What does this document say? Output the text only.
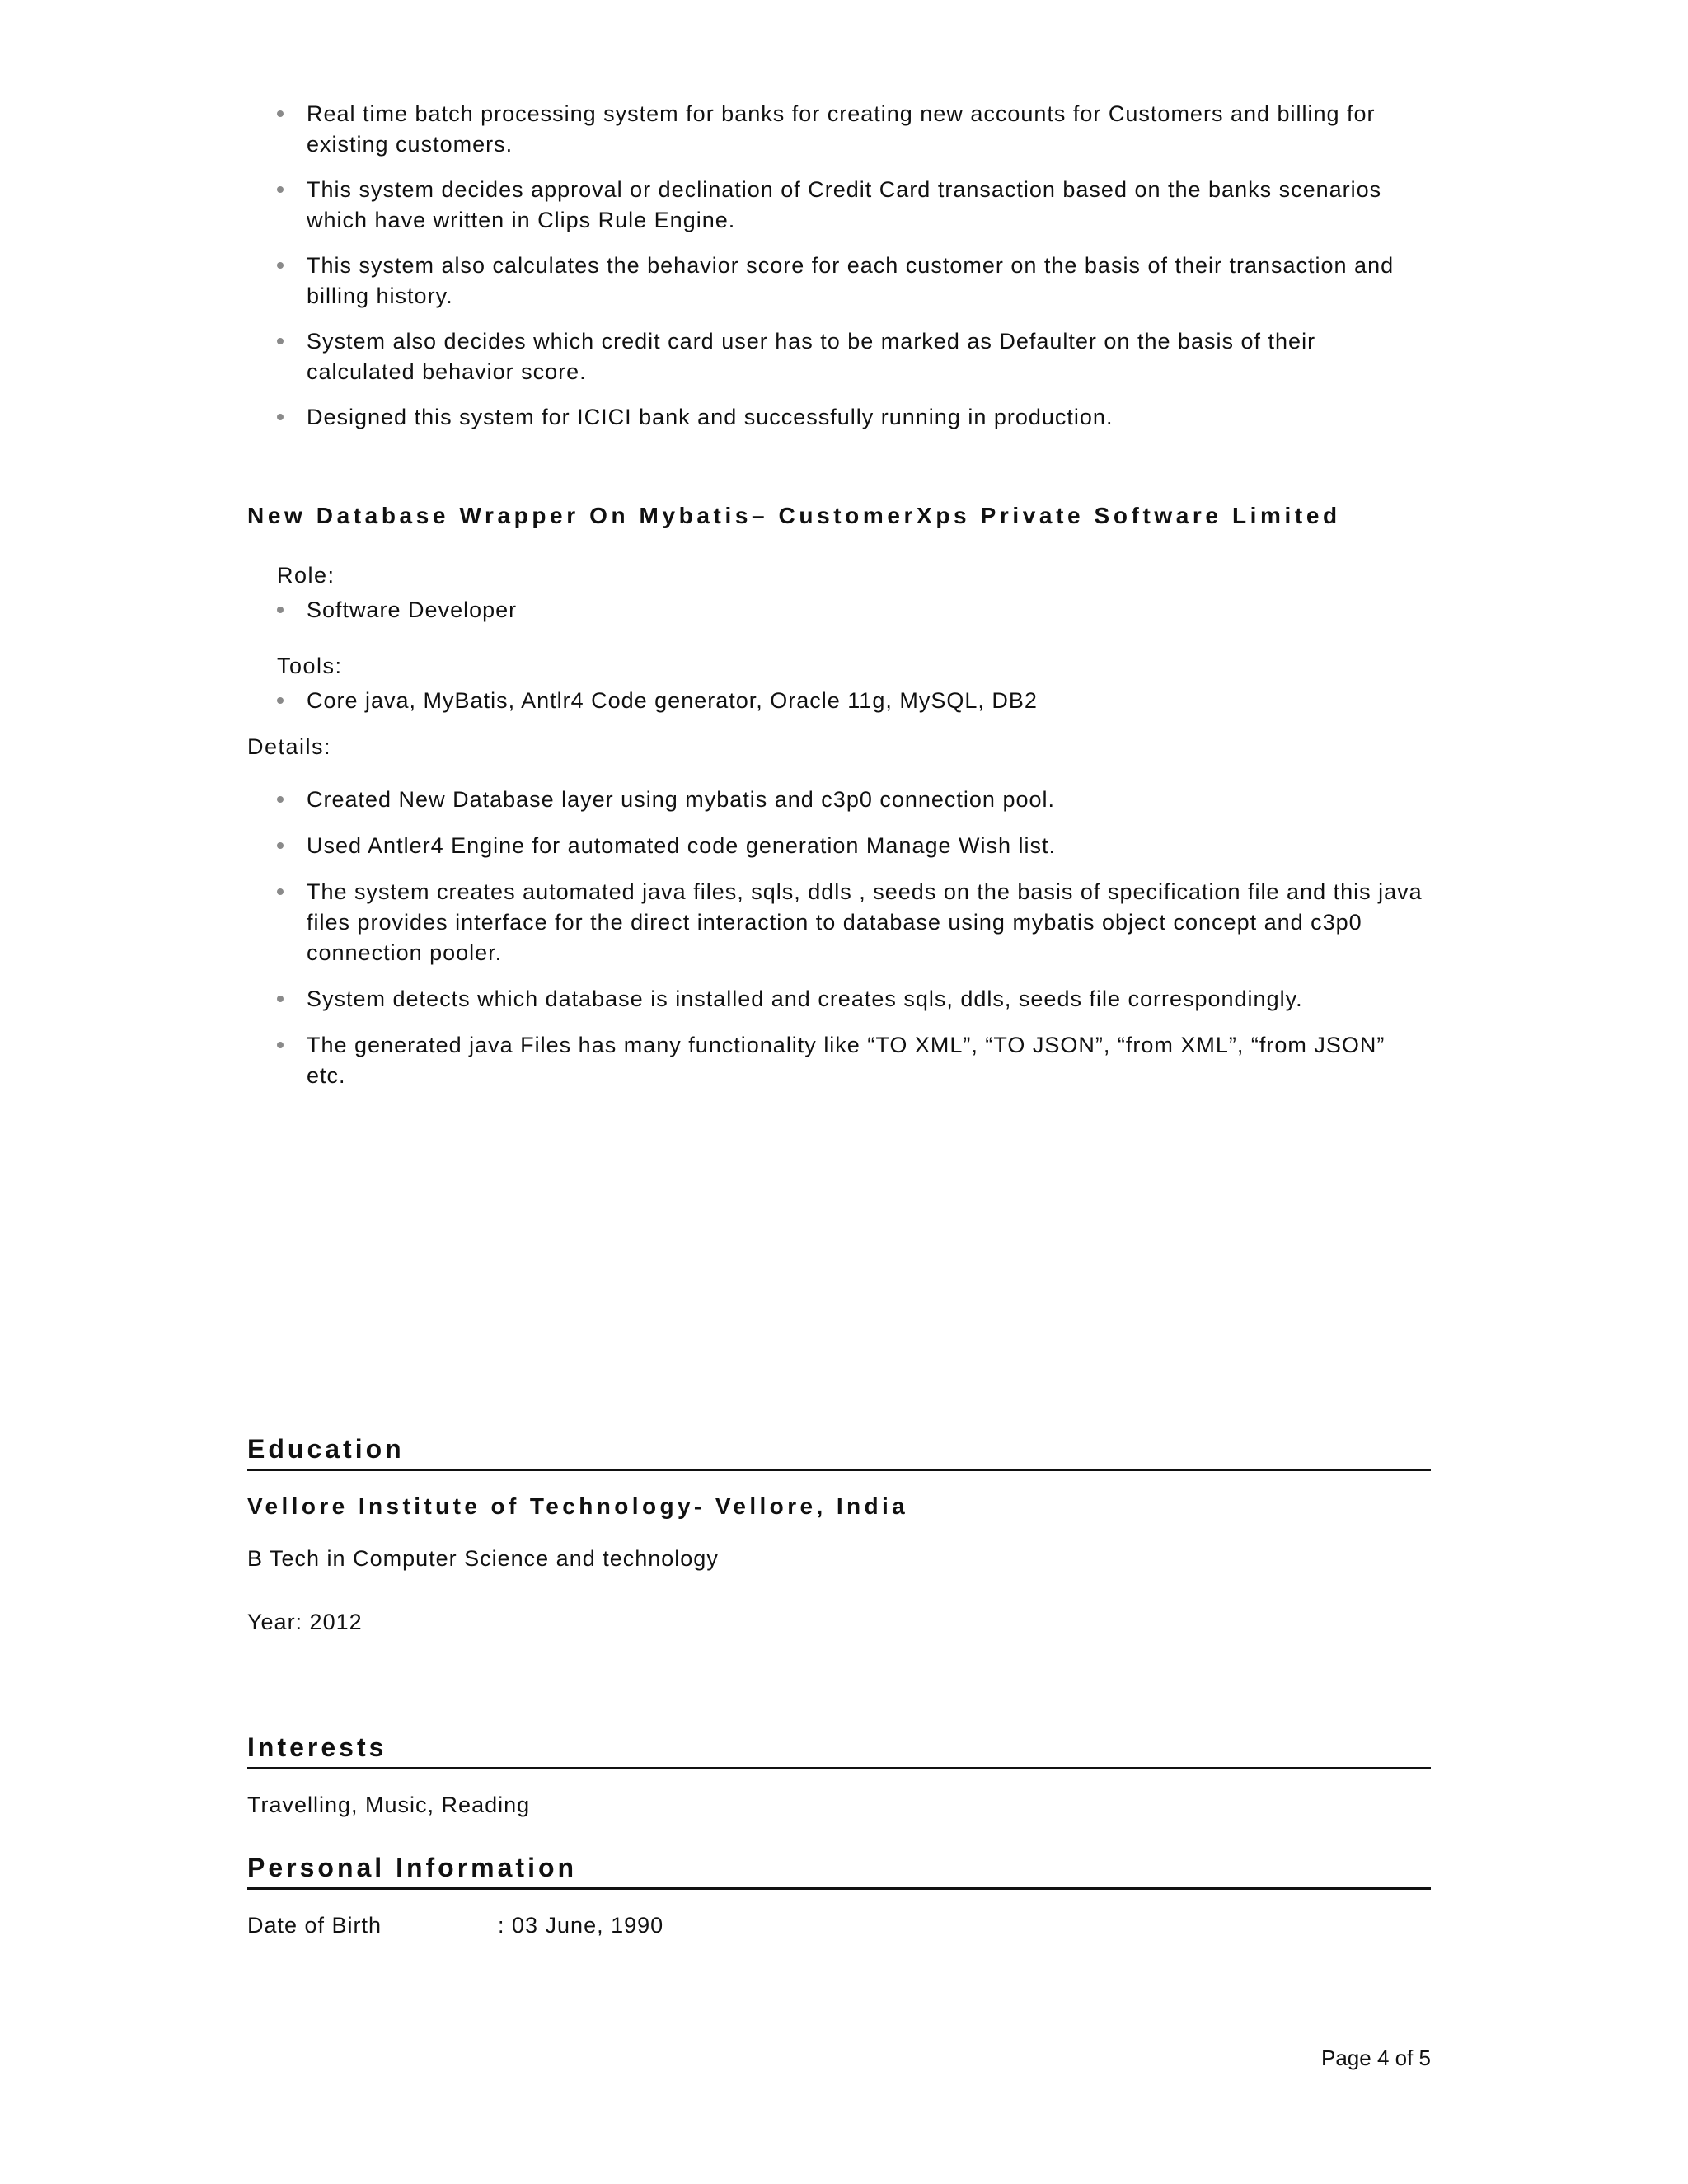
Real time batch processing system for banks for creating new accounts for Customers and billing for existing customers.
This system decides approval or declination of Credit Card transaction based on the banks scenarios which have written in Clips Rule Engine.
This system also calculates the behavior score for each customer on the basis of their transaction and billing history.
System also decides which credit card user has to be marked as Defaulter on the basis of their calculated behavior score.
Designed this system for ICICI bank and successfully running in production.

New Database Wrapper On Mybatis– CustomerXps Private Software Limited

Role:

Software Developer

Tools:

Core java, MyBatis, Antlr4 Code generator, Oracle 11g, MySQL, DB2

Details:

Created New Database layer using mybatis and c3p0 connection pool.
Used Antler4 Engine for automated code generation Manage Wish list.
The system creates automated java files, sqls, ddls , seeds on the basis of specification file and this java files provides interface for the direct interaction to database using mybatis object concept and c3p0 connection pooler.
System detects which database is installed and creates sqls, ddls, seeds file correspondingly.
The generated java Files has many functionality like “TO XML”, “TO JSON”, “from XML”, “from JSON” etc.
Education

Vellore Institute of Technology- Vellore, India

B Tech in Computer Science and technology

Year: 2012

Interests

Travelling, Music, Reading

Personal Information

Date of Birth	: 03 June, 1990

Page 4 of 5
